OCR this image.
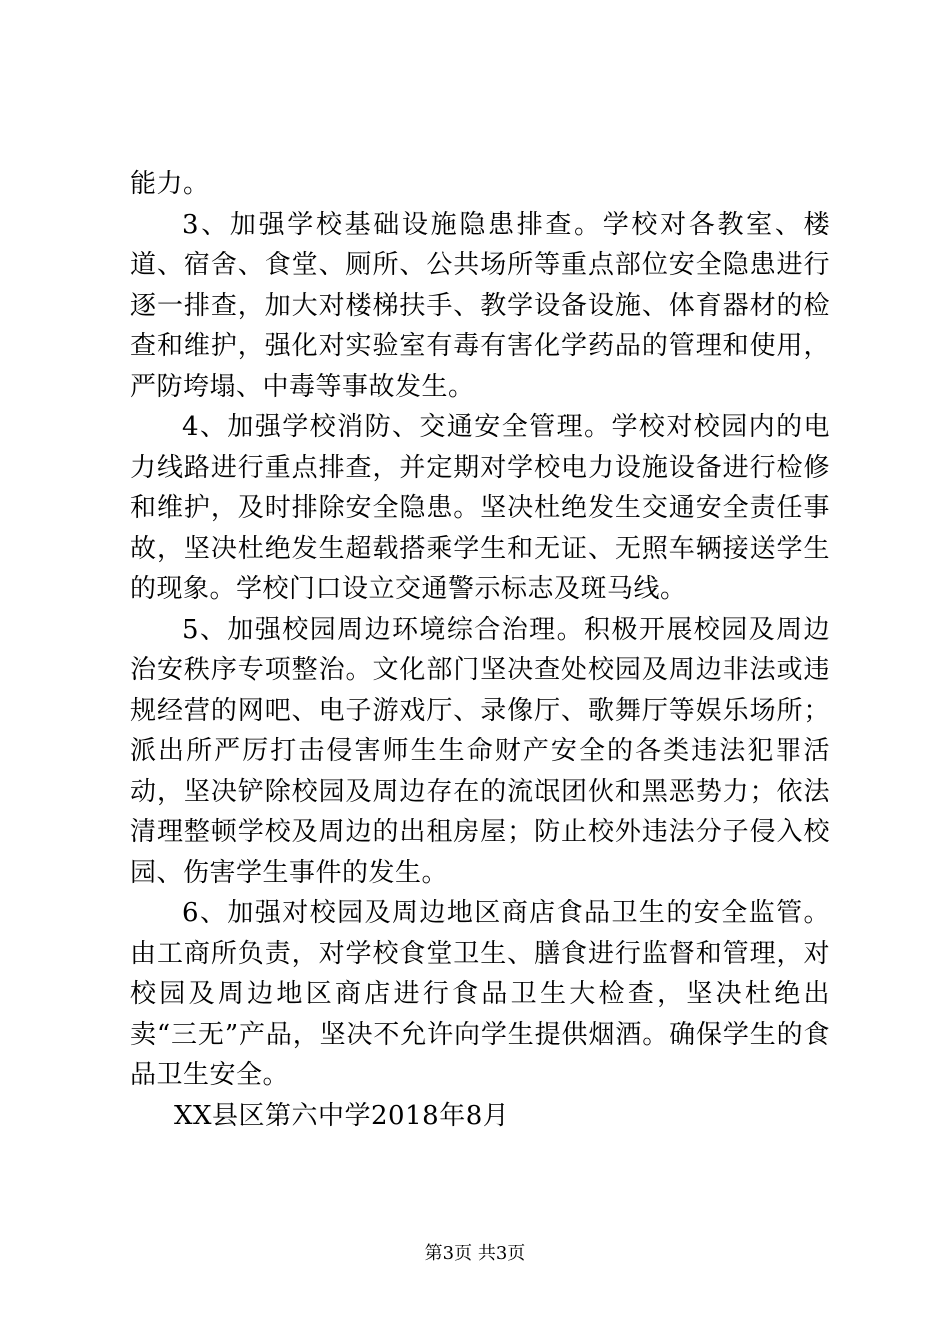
能力。

3、加强学校基础设施隐患排查。学校对各教室、楼道、宿舍、食堂、厕所、公共场所等重点部位安全隐患进行逐一排查，加大对楼梯扶手、教学设备设施、体育器材的检查和维护，强化对实验室有毒有害化学药品的管理和使用，严防垮塌、中毒等事故发生。

4、加强学校消防、交通安全管理。学校对校园内的电力线路进行重点排查，并定期对学校电力设施设备进行检修和维护，及时排除安全隐患。坚决杜绝发生交通安全责任事故，坚决杜绝发生超载搭乘学生和无证、无照车辆接送学生的现象。学校门口设立交通警示标志及斑马线。

5、加强校园周边环境综合治理。积极开展校园及周边治安秩序专项整治。文化部门坚决查处校园及周边非法或违规经营的网吧、电子游戏厅、录像厅、歌舞厅等娱乐场所；派出所严厉打击侵害师生生命财产安全的各类违法犯罪活动，坚决铲除校园及周边存在的流氓团伙和黑恶势力；依法清理整顿学校及周边的出租房屋；防止校外违法分子侵入校园、伤害学生事件的发生。

6、加强对校园及周边地区商店食品卫生的安全监管。由工商所负责，对学校食堂卫生、膳食进行监督和管理，对校园及周边地区商店进行食品卫生大检查，坚决杜绝出卖“三无”产品，坚决不允许向学生提供烟酒。确保学生的食品卫生安全。

XX县区第六中学2018年8月

第3页 共3页
